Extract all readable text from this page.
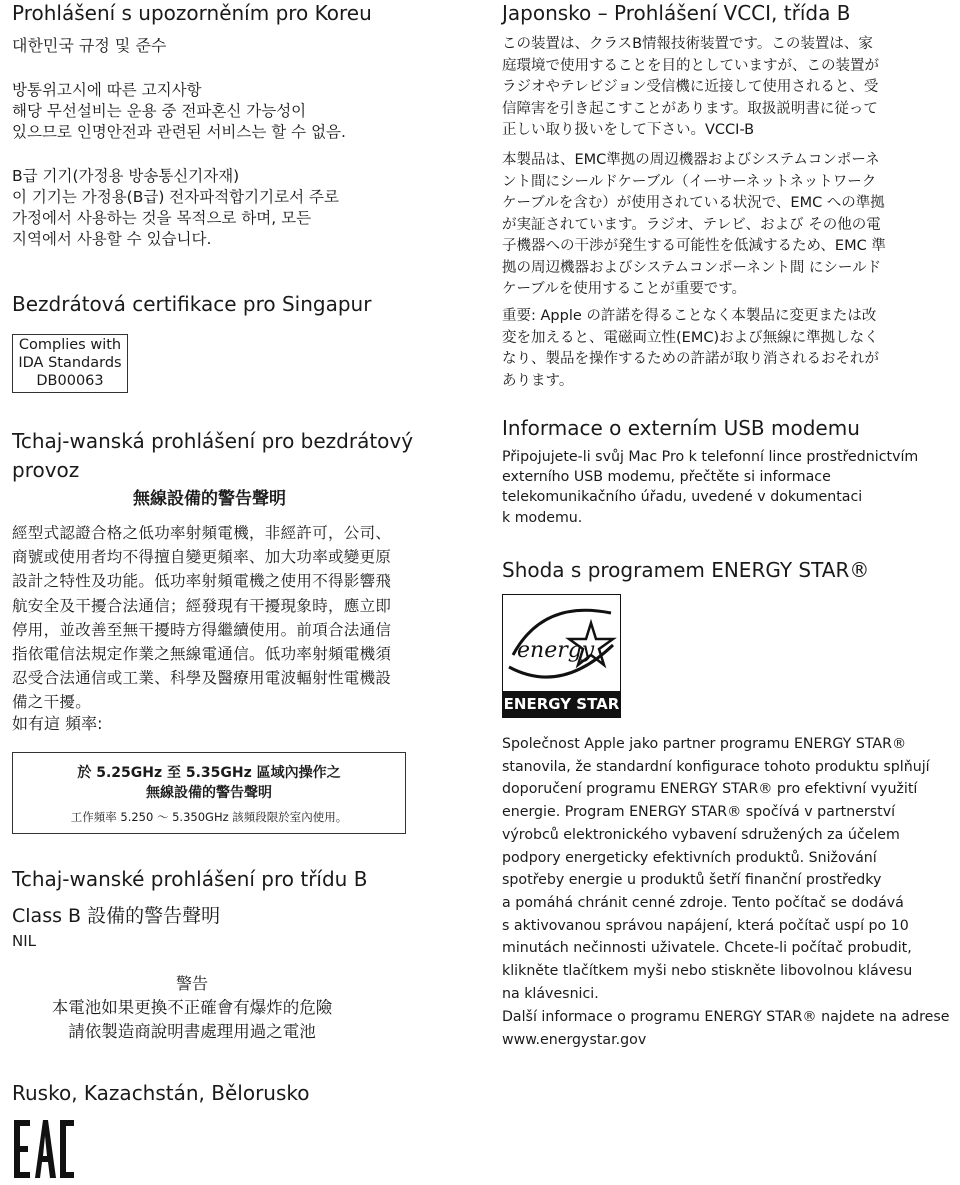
Prohlášení s upozorněním pro Koreu

대한민국 규정 및 준수

방통위고시에 따른 고지사항
해당 무선설비는 운용 중 전파혼신 가능성이
있으므로 인명안전과 관련된 서비스는 할 수 없음.

B급 기기(가정용 방송통신기자재)
이 기기는 가정용(B급) 전자파적합기기로서 주로
가정에서 사용하는 것을 목적으로 하며, 모든
지역에서 사용할 수 있습니다.

Bezdrátová certifikace pro Singapur
Complies with
IDA Standards
DB00063
Tchaj-wanská prohlášení pro bezdrátový
provoz

無線設備的警告聲明

經型式認證合格之低功率射頻電機，非經許可，公司、
商號或使用者均不得擅自變更頻率、加大功率或變更原
設計之特性及功能。低功率射頻電機之使用不得影響飛
航安全及干擾合法通信；經發現有干擾現象時，應立即
停用，並改善至無干擾時方得繼續使用。前項合法通信
指依電信法規定作業之無線電通信。低功率射頻電機須
忍受合法通信或工業、科學及醫療用電波輻射性電機設
備之干擾。

如有這 頻率:

於 5.25GHz 至 5.35GHz 區域內操作之
無線設備的警告聲明
工作頻率 5.250 ～ 5.350GHz 該頻段限於室內使用。
Tchaj-wanské prohlášení pro třídu B

Class B 設備的警告聲明

NIL

警告

本電池如果更換不正確會有爆炸的危險

請依製造商說明書處理用過之電池

Rusko, Kazachstán, Bělorusko
Japonsko – Prohlášení VCCI, třída B

この装置は、クラスB情報技術装置です。この装置は、家
庭環境で使用することを目的としていますが、この装置が
ラジオやテレビジョン受信機に近接して使用されると、受
信障害を引き起こすことがあります。取扱説明書に従って
正しい取り扱いをして下さい。VCCI-B

本製品は、EMC準拠の周辺機器およびシステムコンポーネ
ント間にシールドケーブル（イーサーネットネットワーク
ケーブルを含む）が使用されている状況で、EMC への準拠
が実証されています。ラジオ、テレビ、および その他の電
子機器への干渉が発生する可能性を低減するため、EMC 準
拠の周辺機器およびシステムコンポーネント間 にシールド
ケーブルを使用することが重要です。

重要: Apple の許諾を得ることなく本製品に変更または改
変を加えると、電磁両立性(EMC)および無線に準拠しなく
なり、製品を操作するための許諾が取り消されるおそれが
あります。

Informace o externím USB modemu

Připojujete-li svůj Mac Pro k telefonní lince prostřednictvím
externího USB modemu, přečtěte si informace
telekomunikačního úřadu, uvedené v dokumentaci
k modemu.

Shoda s programem ENERGY STAR®
energy
ENERGY STAR

Společnost Apple jako partner programu ENERGY STAR®
stanovila, že standardní konfigurace tohoto produktu splňují
doporučení programu ENERGY STAR® pro efektivní využití
energie. Program ENERGY STAR® spočívá v partnerství
výrobců elektronického vybavení sdružených za účelem
podpory energeticky efektivních produktů. Snižování
spotřeby energie u produktů šetří finanční prostředky
a pomáhá chránit cenné zdroje. Tento počítač se dodává
s aktivovanou správou napájení, která počítač uspí po 10
minutách nečinnosti uživatele. Chcete-li počítač probudit,
klikněte tlačítkem myši nebo stiskněte libovolnou klávesu
na klávesnici.

Další informace o programu ENERGY STAR® najdete na adrese
www.energystar.gov
